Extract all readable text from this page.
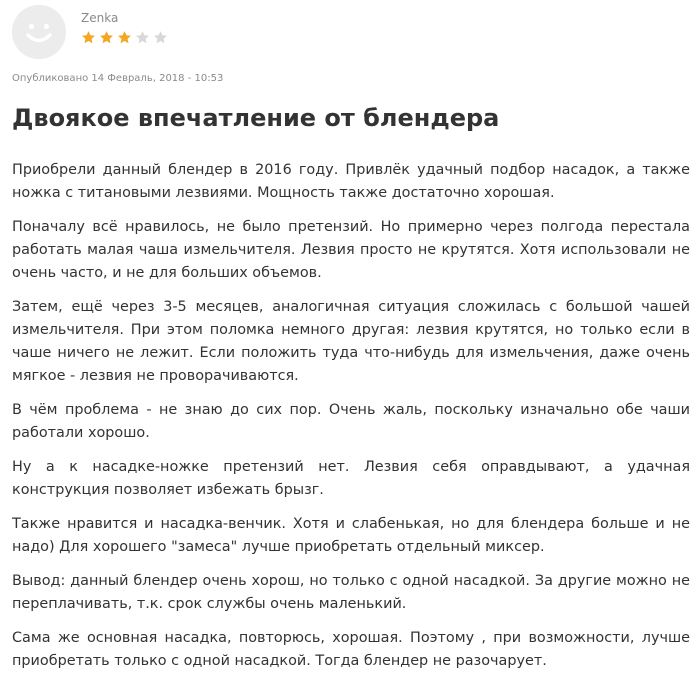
Zenka
Опубликовано 14 Февраль, 2018 - 10:53
Двоякое впечатление от блендера

Приобрели данный блендер в 2016 году. Привлёк удачный подбор насадок, а также ножка с титановыми лезвиями. Мощность также достаточно хорошая.

Поначалу всё нравилось, не было претензий. Но примерно через полгода перестала работать малая чаша измельчителя. Лезвия просто не крутятся. Хотя использовали не очень часто, и не для больших объемов.

Затем, ещё через 3-5 месяцев, аналогичная ситуация сложилась с большой чашей измельчителя. При этом поломка немного другая: лезвия крутятся, но только если в чаше ничего не лежит. Если положить туда что-нибудь для измельчения, даже очень мягкое - лезвия не проворачиваются.

В чём проблема - не знаю до сих пор. Очень жаль, поскольку изначально обе чаши работали хорошо.

Ну а к насадке-ножке претензий нет. Лезвия себя оправдывают, а удачная конструкция позволяет избежать брызг.

Также нравится и насадка-венчик. Хотя и слабенькая, но для блендера больше и не надо) Для хорошего "замеса" лучше приобретать отдельный миксер.

Вывод: данный блендер очень хорош, но только с одной насадкой. За другие можно не переплачивать, т.к. срок службы очень маленький.

Сама же основная насадка, повторюсь, хорошая. Поэтому , при возможности, лучше приобретать только с одной насадкой. Тогда блендер не разочарует.
